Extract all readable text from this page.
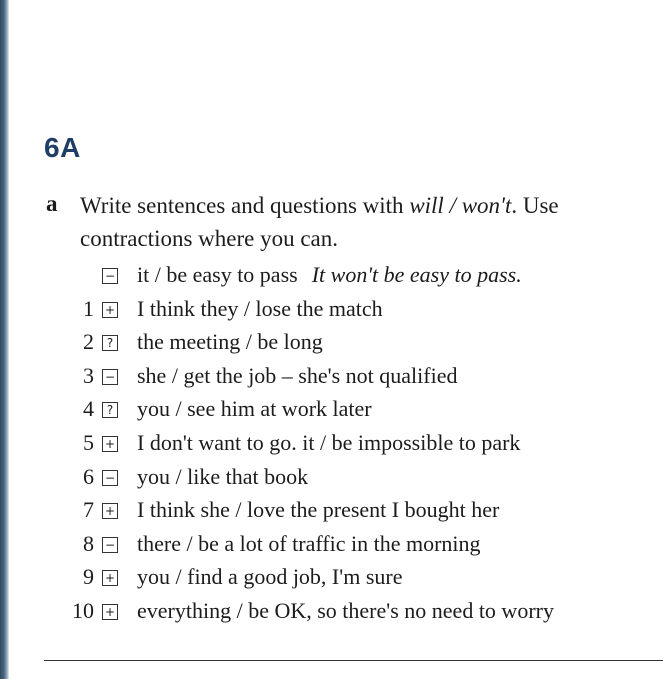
6A
a Write sentences and questions with will / won't. Use contractions where you can.
− it / be easy to pass It won't be easy to pass.
1 + I think they / lose the match
2	? the meeting / be long
3 − she / get the job – she's not qualified
4	? you / see him at work later
5 + I don't want to go. it / be impossible to park
6 − you / like that book
7 + I think she / love the present I bought her
8 − there / be a lot of traffic in the morning
9 + you / find a good job, I'm sure
10 + everything / be OK, so there's no need to worry
